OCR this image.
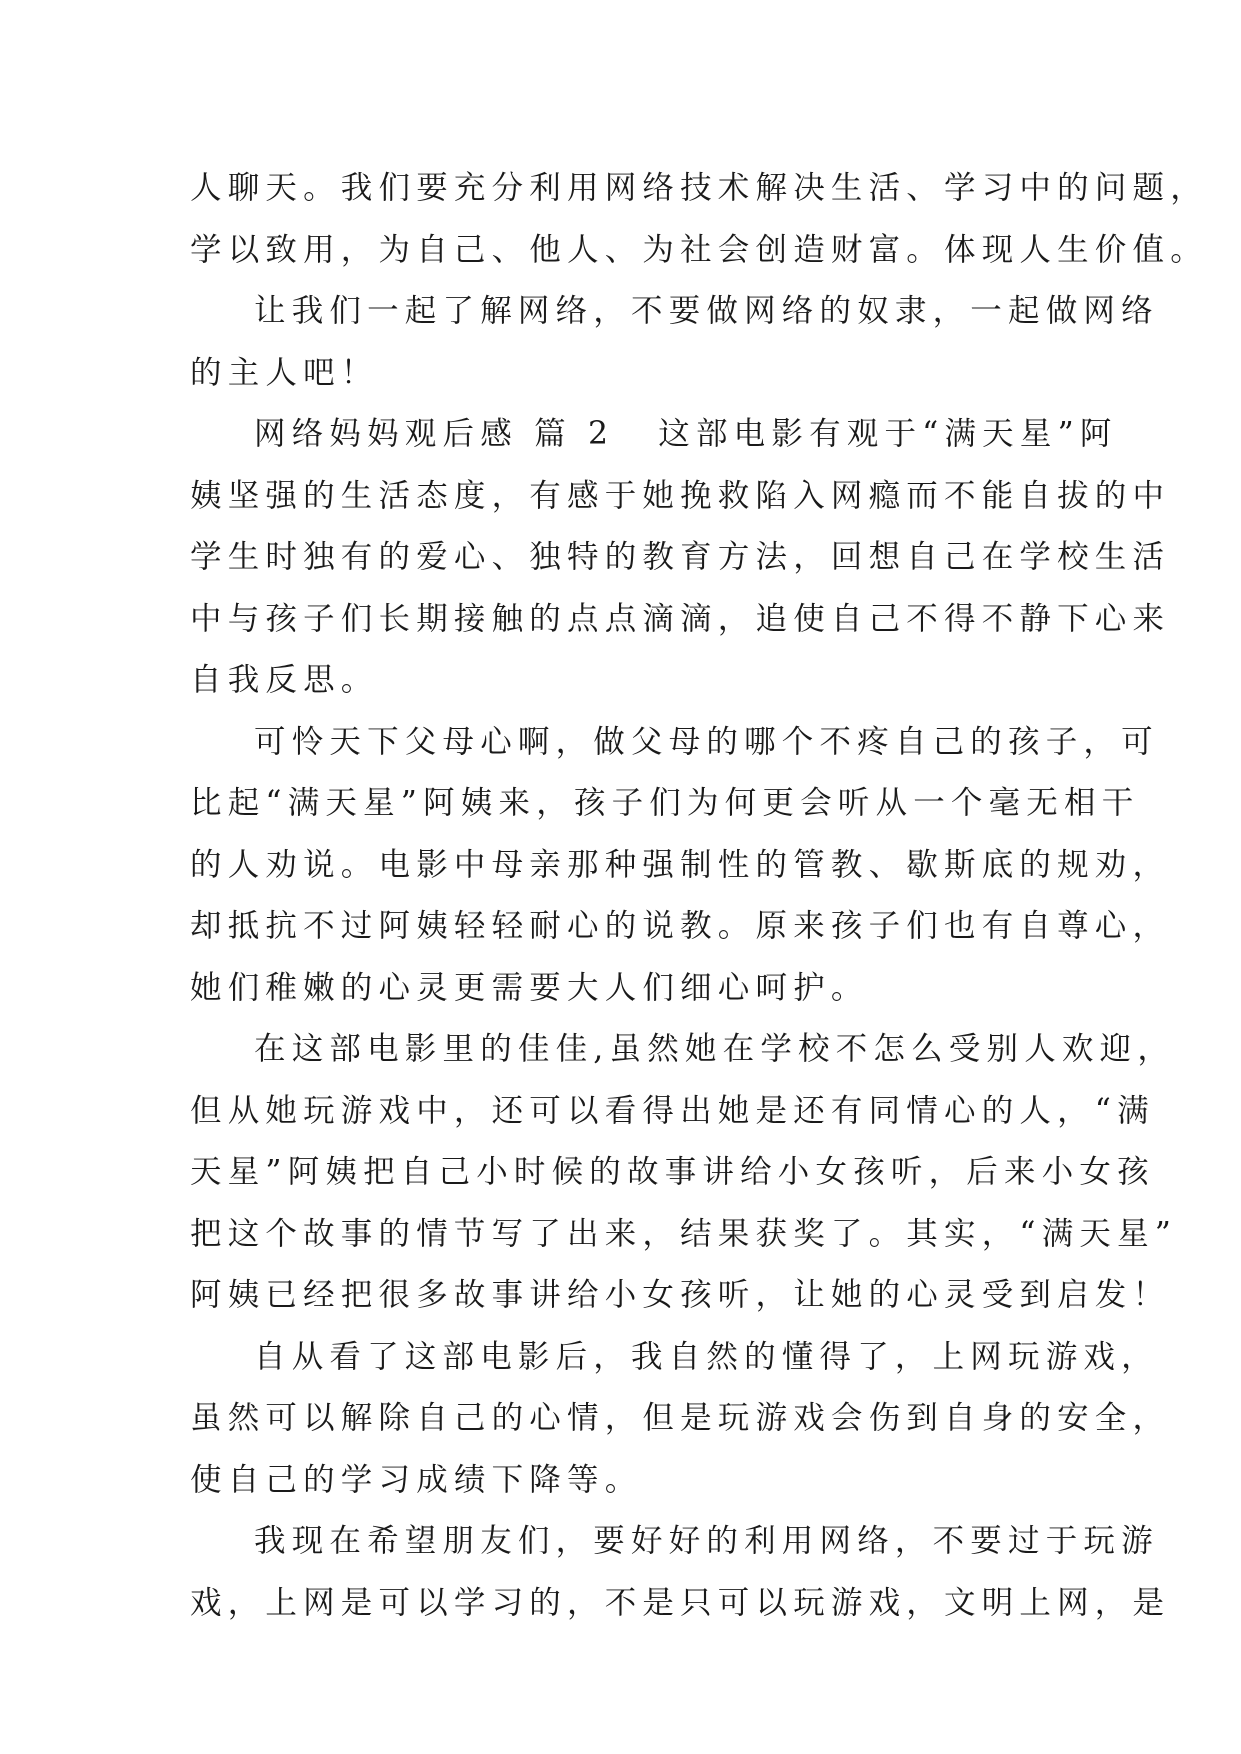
人聊天。我们要充分利用网络技术解决生活、学习中的问题，
学以致用，为自己、他人、为社会创造财富。体现人生价值。
让我们一起了解网络，不要做网络的奴隶，一起做网络
的主人吧！
网络妈妈观后感 篇 2 这部电影有观于“满天星”阿
姨坚强的生活态度，有感于她挽救陷入网瘾而不能自拔的中
学生时独有的爱心、独特的教育方法，回想自己在学校生活
中与孩子们长期接触的点点滴滴，追使自己不得不静下心来
自我反思。
可怜天下父母心啊，做父母的哪个不疼自己的孩子，可
比起“满天星”阿姨来，孩子们为何更会听从一个毫无相干
的人劝说。电影中母亲那种强制性的管教、歇斯底的规劝，
却抵抗不过阿姨轻轻耐心的说教。原来孩子们也有自尊心，
她们稚嫩的心灵更需要大人们细心呵护。
在这部电影里的佳佳,虽然她在学校不怎么受别人欢迎，
但从她玩游戏中，还可以看得出她是还有同情心的人，“满
天星”阿姨把自己小时候的故事讲给小女孩听，后来小女孩
把这个故事的情节写了出来，结果获奖了。其实，“满天星”
阿姨已经把很多故事讲给小女孩听，让她的心灵受到启发！
自从看了这部电影后，我自然的懂得了，上网玩游戏，
虽然可以解除自己的心情，但是玩游戏会伤到自身的安全，
使自己的学习成绩下降等。
我现在希望朋友们，要好好的利用网络，不要过于玩游
戏，上网是可以学习的，不是只可以玩游戏，文明上网，是
